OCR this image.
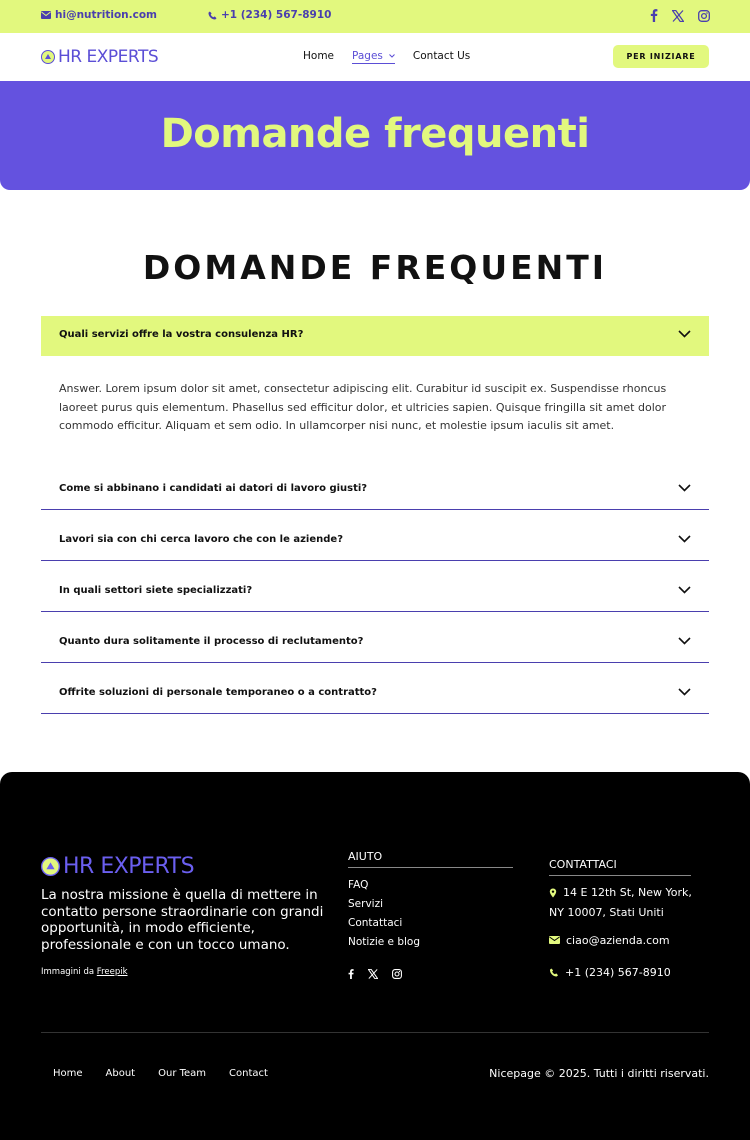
hi@nutrition.com	+1 (234) 567-8910
HR EXPERTS	Home Pages	Contact Us	PER INIZIARE
Domande frequenti
DOMANDE FREQUENTI
Quali servizi offre la vostra consulenza HR?
Answer. Lorem ipsum dolor sit amet, consectetur adipiscing elit. Curabitur id suscipit ex. Suspendisse rhoncus laoreet purus quis elementum. Phasellus sed efficitur dolor, et ultricies sapien. Quisque fringilla sit amet dolor commodo efficitur. Aliquam et sem odio. In ullamcorper nisi nunc, et molestie ipsum iaculis sit amet.
Come si abbinano i candidati ai datori di lavoro giusti?
Lavori sia con chi cerca lavoro che con le aziende?
In quali settori siete specializzati?
Quanto dura solitamente il processo di reclutamento?
Offrite soluzioni di personale temporaneo o a contratto?
HR EXPERTS
La nostra missione è quella di mettere in contatto persone straordinarie con grandi opportunità, in modo efficiente, professionale e con un tocco umano.
Immagini da Freepik
AIUTO
FAQ
Servizi
Contattaci
Notizie e blog
CONTATTACI
14 E 12th St, New York,
NY 10007, Stati Uniti
ciao@azienda.com
+1 (234) 567-8910
Home About Our Team Contact	Nicepage © 2025. Tutti i diritti riservati.
